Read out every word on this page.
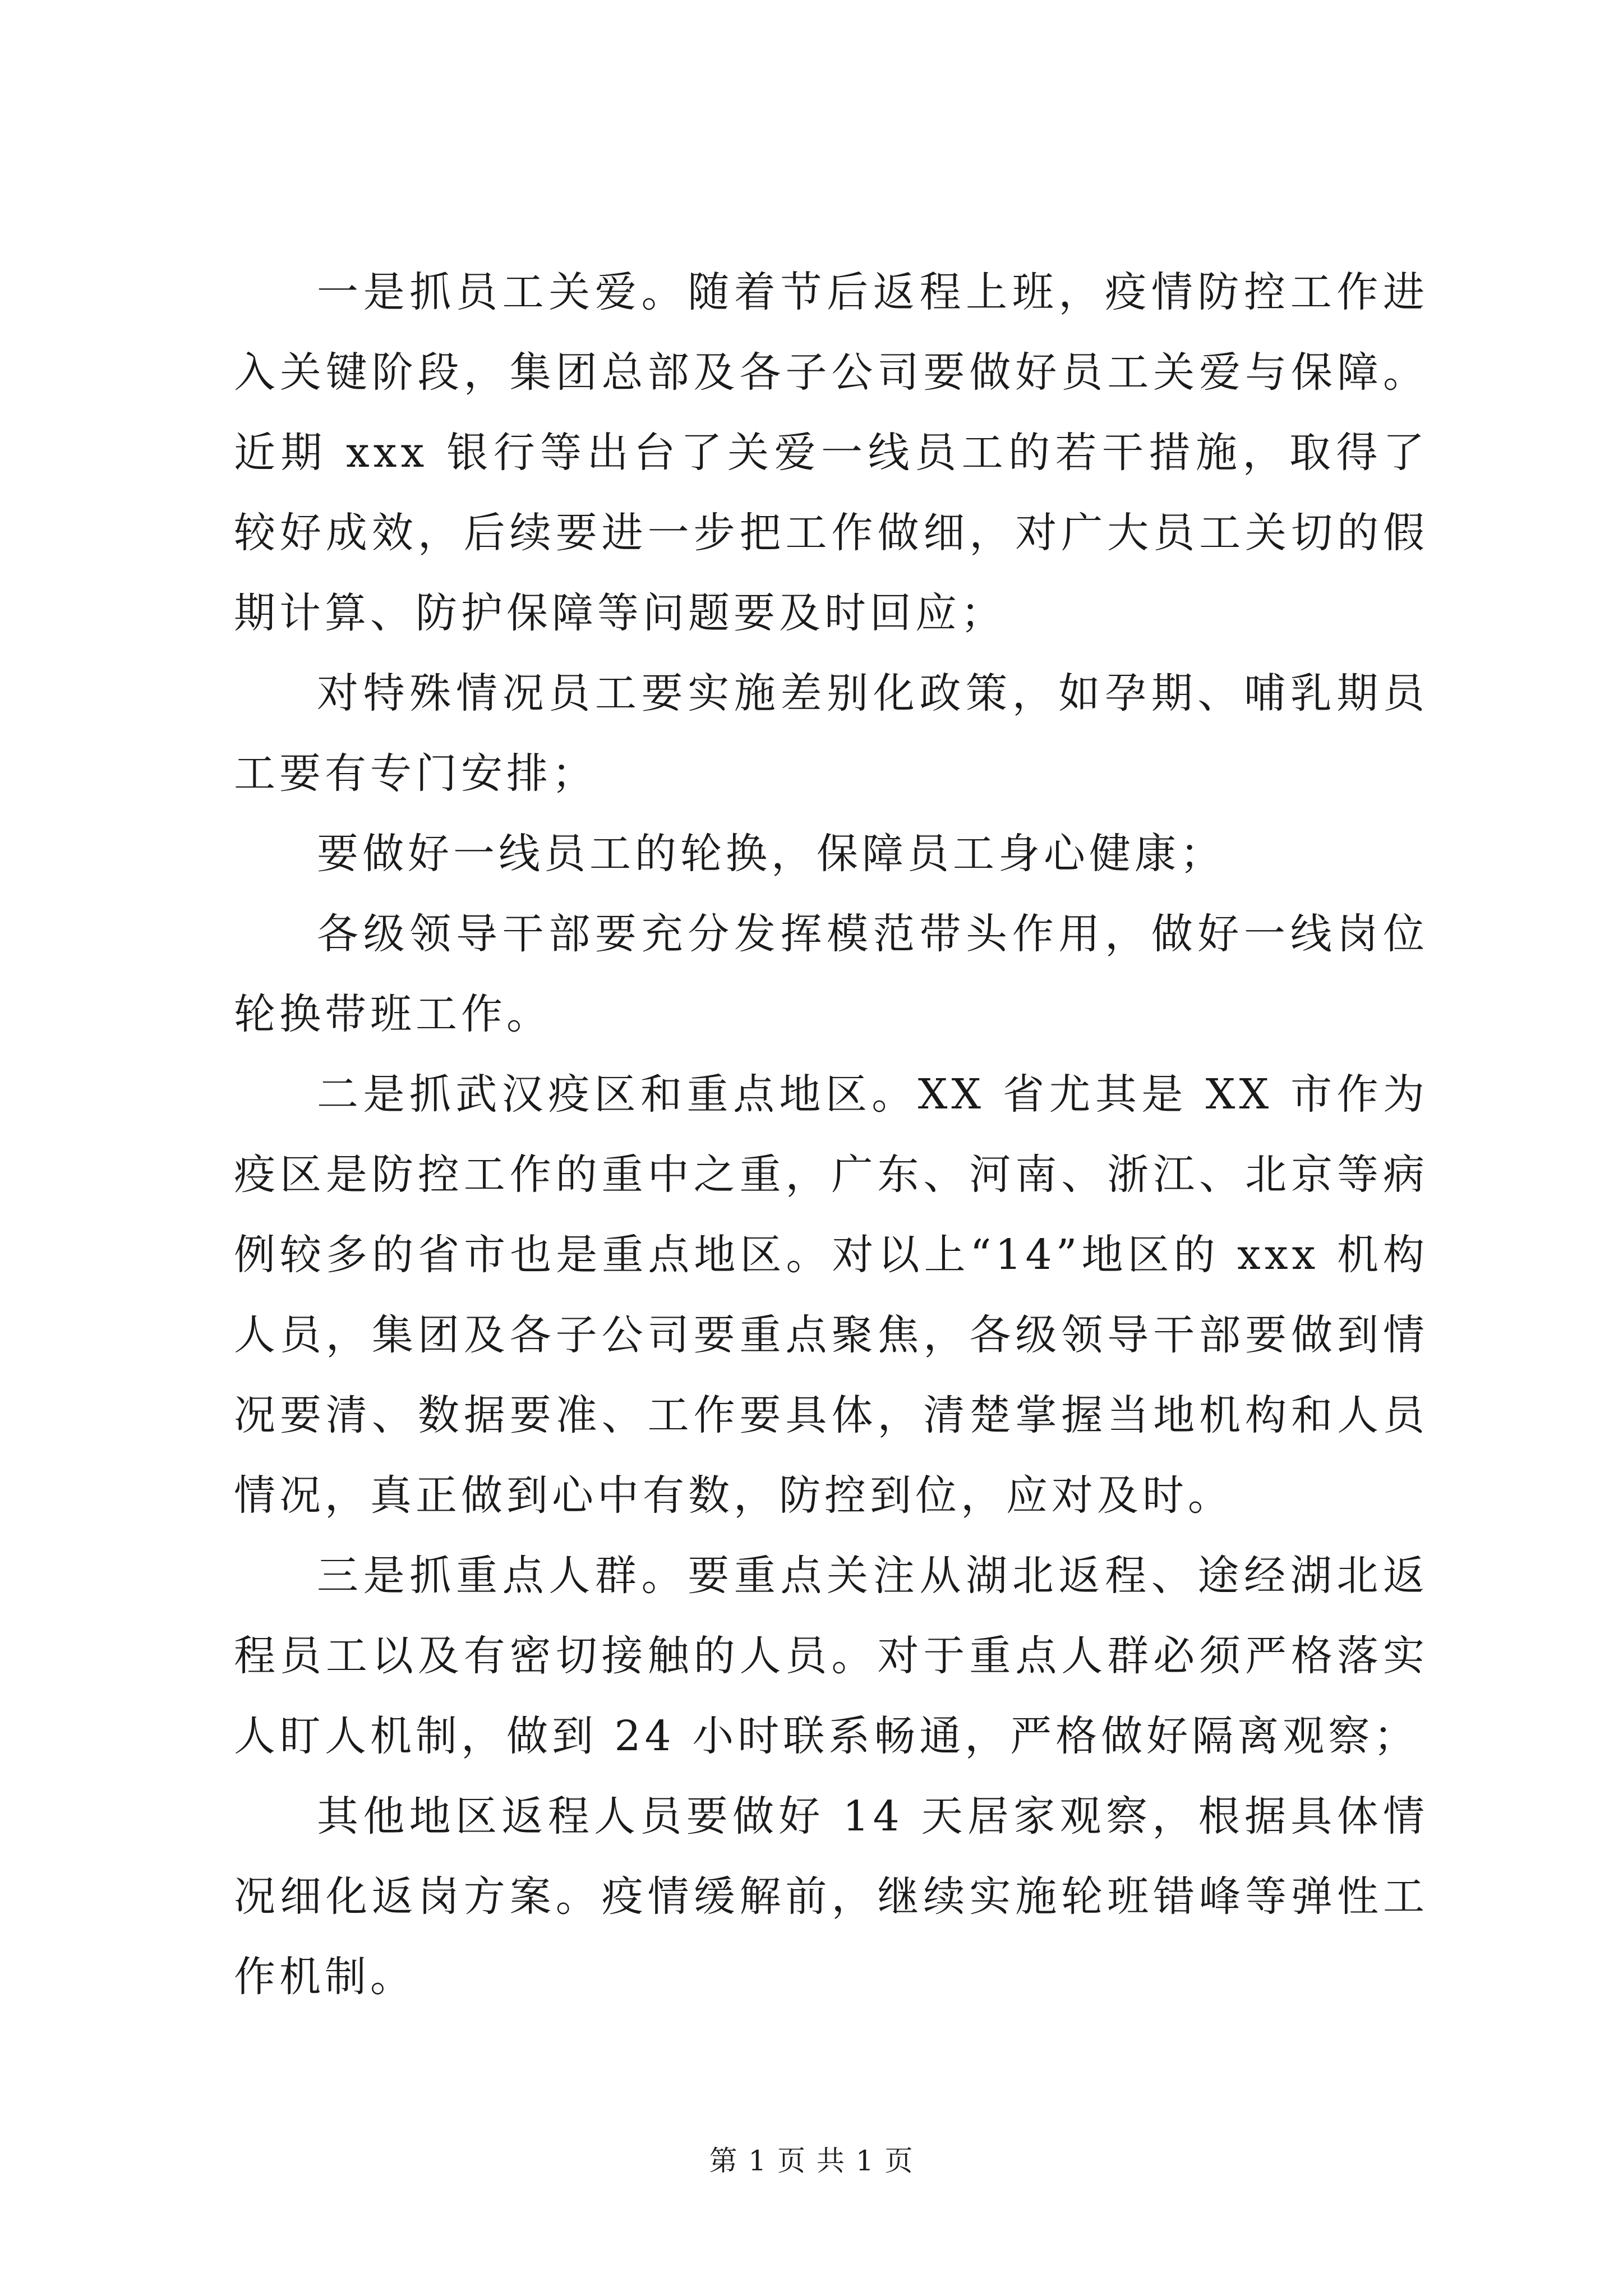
一是抓员工关爱。随着节后返程上班，疫情防控工作进入关键阶段，集团总部及各子公司要做好员工关爱与保障。近期 xxx 银行等出台了关爱一线员工的若干措施，取得了较好成效，后续要进一步把工作做细，对广大员工关切的假期计算、防护保障等问题要及时回应；

对特殊情况员工要实施差别化政策，如孕期、哺乳期员工要有专门安排；

要做好一线员工的轮换，保障员工身心健康；

各级领导干部要充分发挥模范带头作用，做好一线岗位轮换带班工作。

二是抓武汉疫区和重点地区。XX 省尤其是 XX 市作为疫区是防控工作的重中之重，广东、河南、浙江、北京等病例较多的省市也是重点地区。对以上“14”地区的 xxx 机构人员，集团及各子公司要重点聚焦，各级领导干部要做到情况要清、数据要准、工作要具体，清楚掌握当地机构和人员情况，真正做到心中有数，防控到位，应对及时。

三是抓重点人群。要重点关注从湖北返程、途经湖北返程员工以及有密切接触的人员。对于重点人群必须严格落实人盯人机制，做到 24 小时联系畅通，严格做好隔离观察；

其他地区返程人员要做好 14 天居家观察，根据具体情况细化返岗方案。疫情缓解前，继续实施轮班错峰等弹性工作机制。

第 1 页 共 1 页
